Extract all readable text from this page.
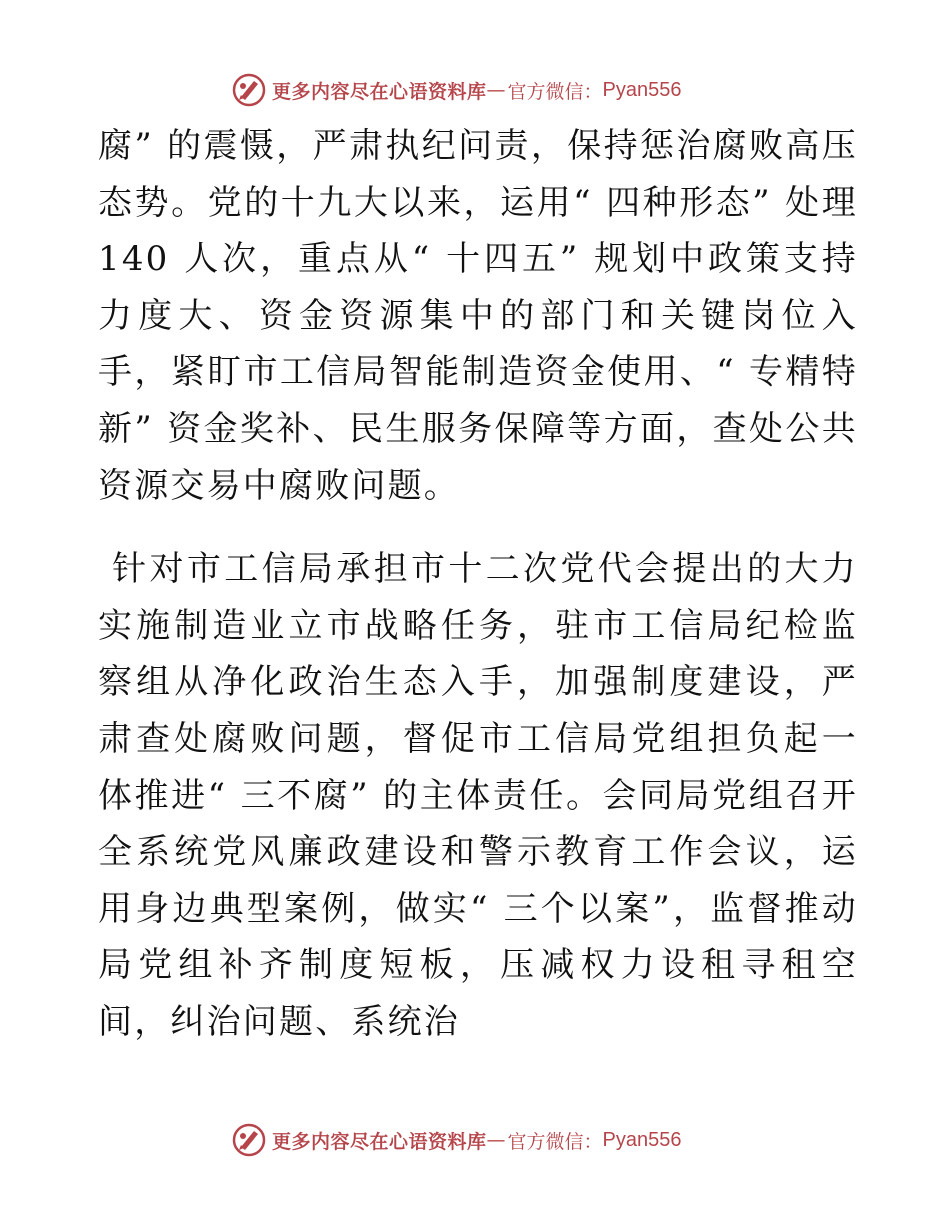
更多内容尽在心语资料库 — 官方微信： Pyan556

腐” 的震慑，严肃执纪问责，保持惩治腐败高压态势。党的十九大以来，运用“ 四种形态” 处理140 人次，重点从“ 十四五” 规划中政策支持力度大、资金资源集中的部门和关键岗位入手，紧盯市工信局智能制造资金使用、“ 专精特新” 资金奖补、民生服务保障等方面，查处公共资源交易中腐败问题。

针对市工信局承担市十二次党代会提出的大力实施制造业立市战略任务，驻市工信局纪检监察组从净化政治生态入手，加强制度建设，严肃查处腐败问题，督促市工信局党组担负起一体推进“ 三不腐” 的主体责任。会同局党组召开全系统党风廉政建设和警示教育工作会议，运用身边典型案例，做实“ 三个以案”，监督推动局党组补齐制度短板，压减权力设租寻租空间，纠治问题、系统治

更多内容尽在心语资料库 — 官方微信： Pyan556
